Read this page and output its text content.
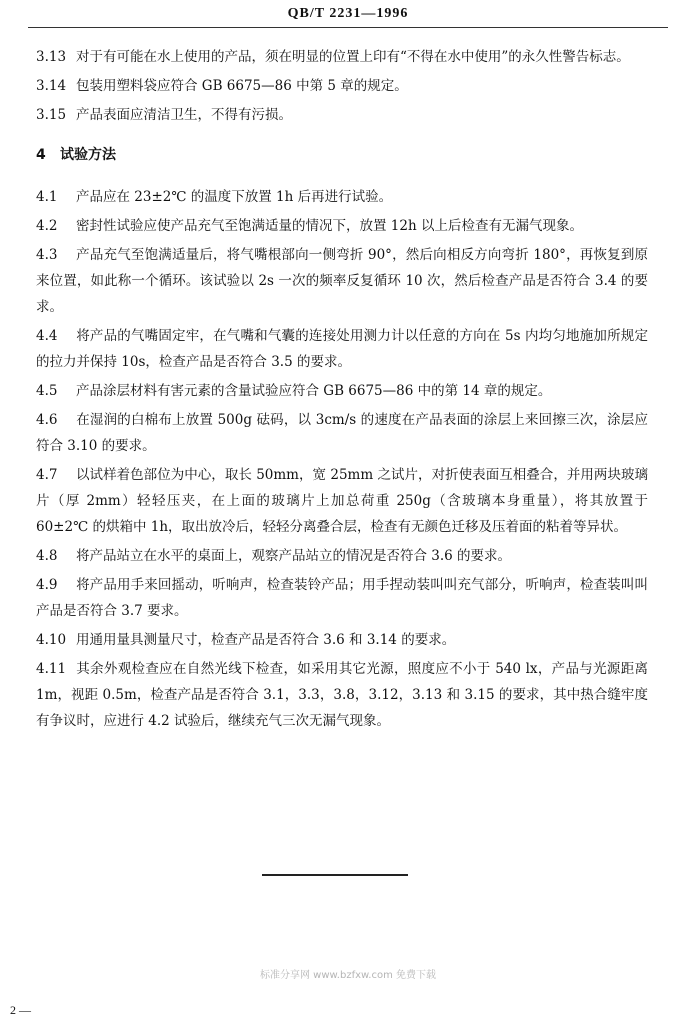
QB/T 2231—1996

3.13 对于有可能在水上使用的产品，须在明显的位置上印有“不得在水中使用”的永久性警告标志。

3.14 包装用塑料袋应符合 GB 6675—86 中第 5 章的规定。

3.15 产品表面应清洁卫生，不得有污损。

4 试验方法

4.1 产品应在 23±2℃ 的温度下放置 1h 后再进行试验。

4.2 密封性试验应使产品充气至饱满适量的情况下，放置 12h 以上后检查有无漏气现象。

4.3 产品充气至饱满适量后，将气嘴根部向一侧弯折 90°，然后向相反方向弯折 180°，再恢复到原来位置，如此称一个循环。该试验以 2s 一次的频率反复循环 10 次，然后检查产品是否符合 3.4 的要求。

4.4 将产品的气嘴固定牢，在气嘴和气囊的连接处用测力计以任意的方向在 5s 内均匀地施加所规定的拉力并保持 10s，检查产品是否符合 3.5 的要求。

4.5 产品涂层材料有害元素的含量试验应符合 GB 6675—86 中的第 14 章的规定。

4.6 在湿润的白棉布上放置 500g 砝码，以 3cm/s 的速度在产品表面的涂层上来回擦三次，涂层应符合 3.10 的要求。

4.7 以试样着色部位为中心，取长 50mm，宽 25mm 之试片，对折使表面互相叠合，并用两块玻璃片（厚 2mm）轻轻压夹，在上面的玻璃片上加总荷重 250g（含玻璃本身重量），将其放置于 60±2℃ 的烘箱中 1h，取出放冷后，轻轻分离叠合层，检查有无颜色迁移及压着面的粘着等异状。

4.8 将产品站立在水平的桌面上，观察产品站立的情况是否符合 3.6 的要求。

4.9 将产品用手来回摇动，听响声，检查装铃产品；用手捏动装叫叫充气部分，听响声，检查装叫叫产品是否符合 3.7 要求。

4.10 用通用量具测量尺寸，检查产品是否符合 3.6 和 3.14 的要求。

4.11 其余外观检查应在自然光线下检查，如采用其它光源，照度应不小于 540 lx，产品与光源距离 1m，视距 0.5m，检查产品是否符合 3.1，3.3，3.8，3.12，3.13 和 3.15 的要求，其中热合缝牢度有争议时，应进行 4.2 试验后，继续充气三次无漏气现象。

标准分享网 www.bzfxw.com 免费下载
2 —
